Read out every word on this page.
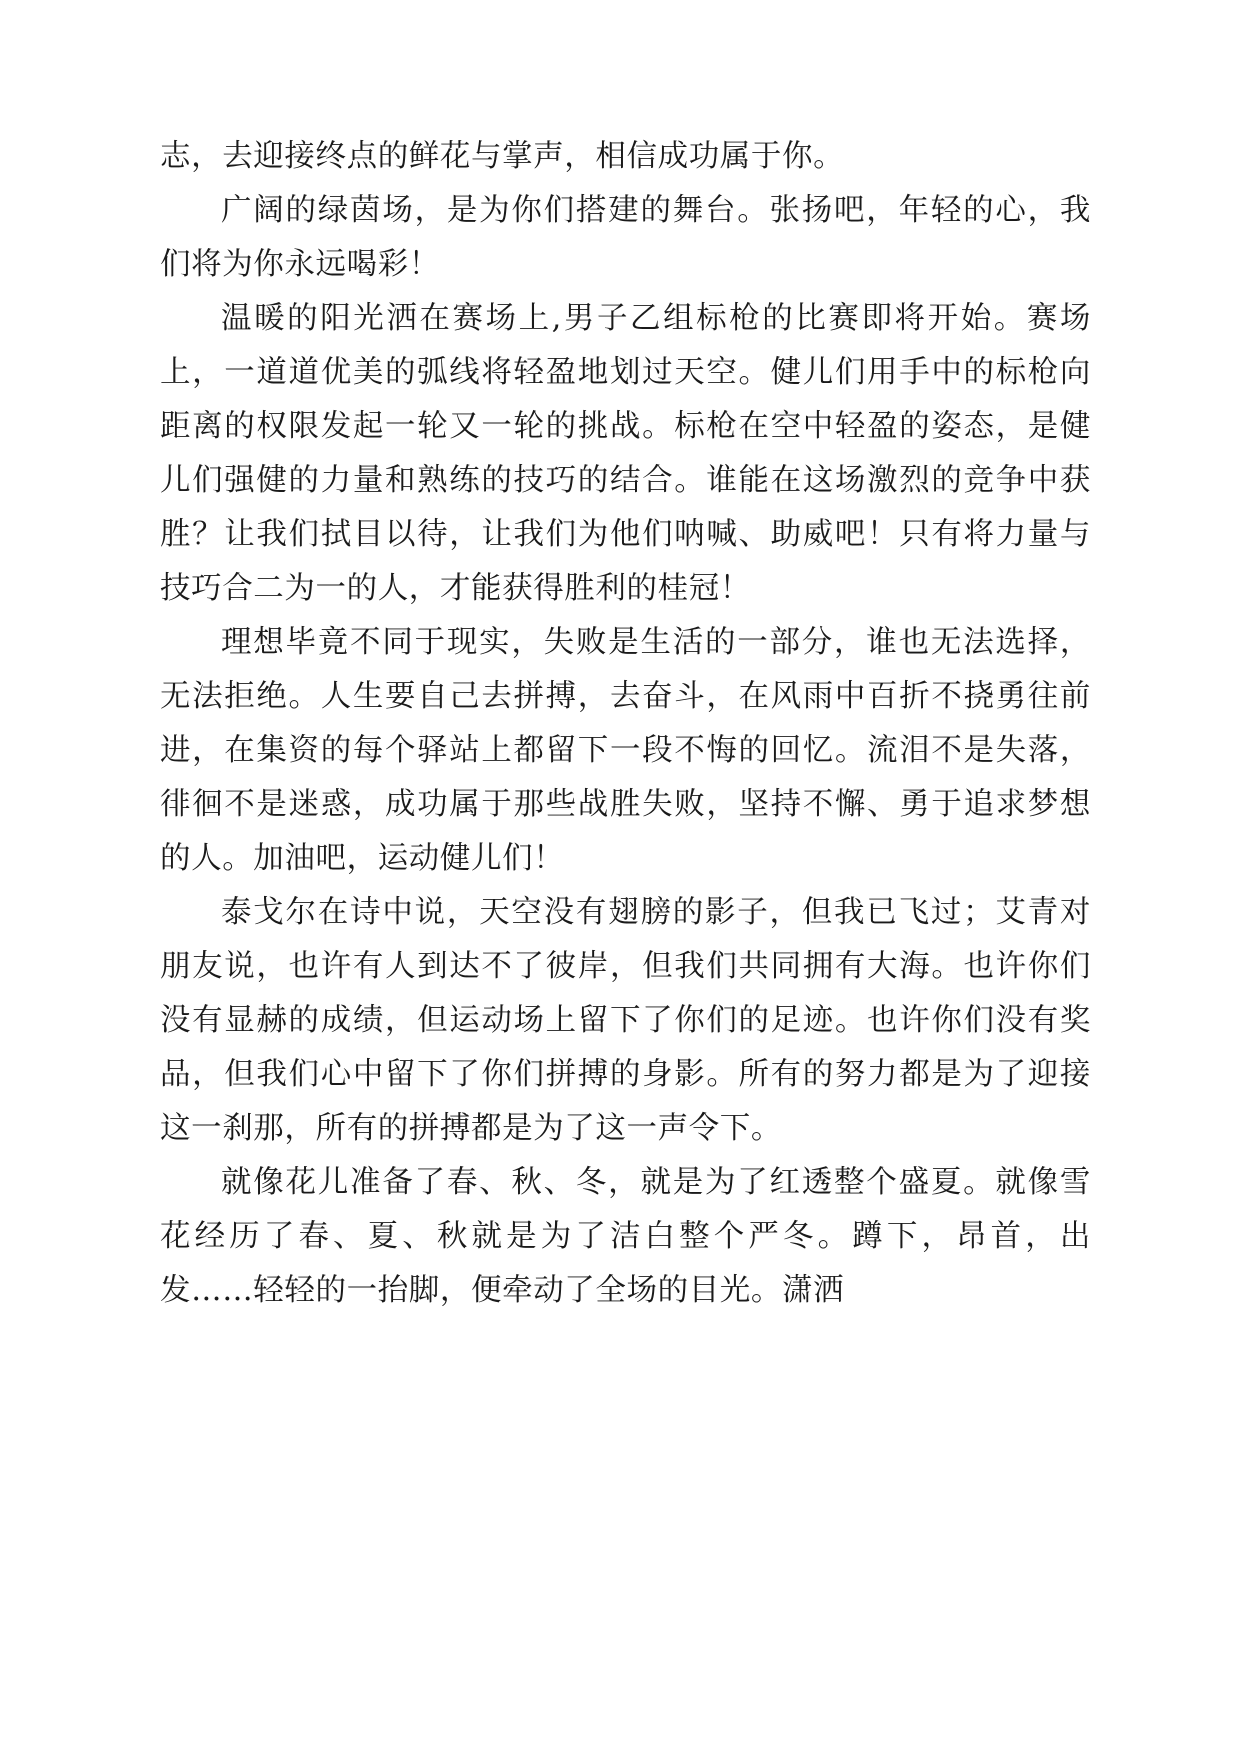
志，去迎接终点的鲜花与掌声，相信成功属于你。

广阔的绿茵场，是为你们搭建的舞台。张扬吧，年轻的心，我们将为你永远喝彩！

温暖的阳光洒在赛场上,男子乙组标枪的比赛即将开始。赛场上，一道道优美的弧线将轻盈地划过天空。健儿们用手中的标枪向距离的权限发起一轮又一轮的挑战。标枪在空中轻盈的姿态，是健儿们强健的力量和熟练的技巧的结合。谁能在这场激烈的竞争中获胜？让我们拭目以待，让我们为他们呐喊、助威吧！只有将力量与技巧合二为一的人，才能获得胜利的桂冠！

理想毕竟不同于现实，失败是生活的一部分，谁也无法选择，无法拒绝。人生要自己去拼搏，去奋斗，在风雨中百折不挠勇往前进，在集资的每个驿站上都留下一段不悔的回忆。流泪不是失落，徘徊不是迷惑，成功属于那些战胜失败，坚持不懈、勇于追求梦想的人。加油吧，运动健儿们！

泰戈尔在诗中说，天空没有翅膀的影子，但我已飞过；艾青对朋友说，也许有人到达不了彼岸，但我们共同拥有大海。也许你们没有显赫的成绩，但运动场上留下了你们的足迹。也许你们没有奖品，但我们心中留下了你们拼搏的身影。所有的努力都是为了迎接这一刹那，所有的拼搏都是为了这一声令下。

就像花儿准备了春、秋、冬，就是为了红透整个盛夏。就像雪花经历了春、夏、秋就是为了洁白整个严冬。蹲下，昂首，出发……轻轻的一抬脚，便牵动了全场的目光。潇洒
